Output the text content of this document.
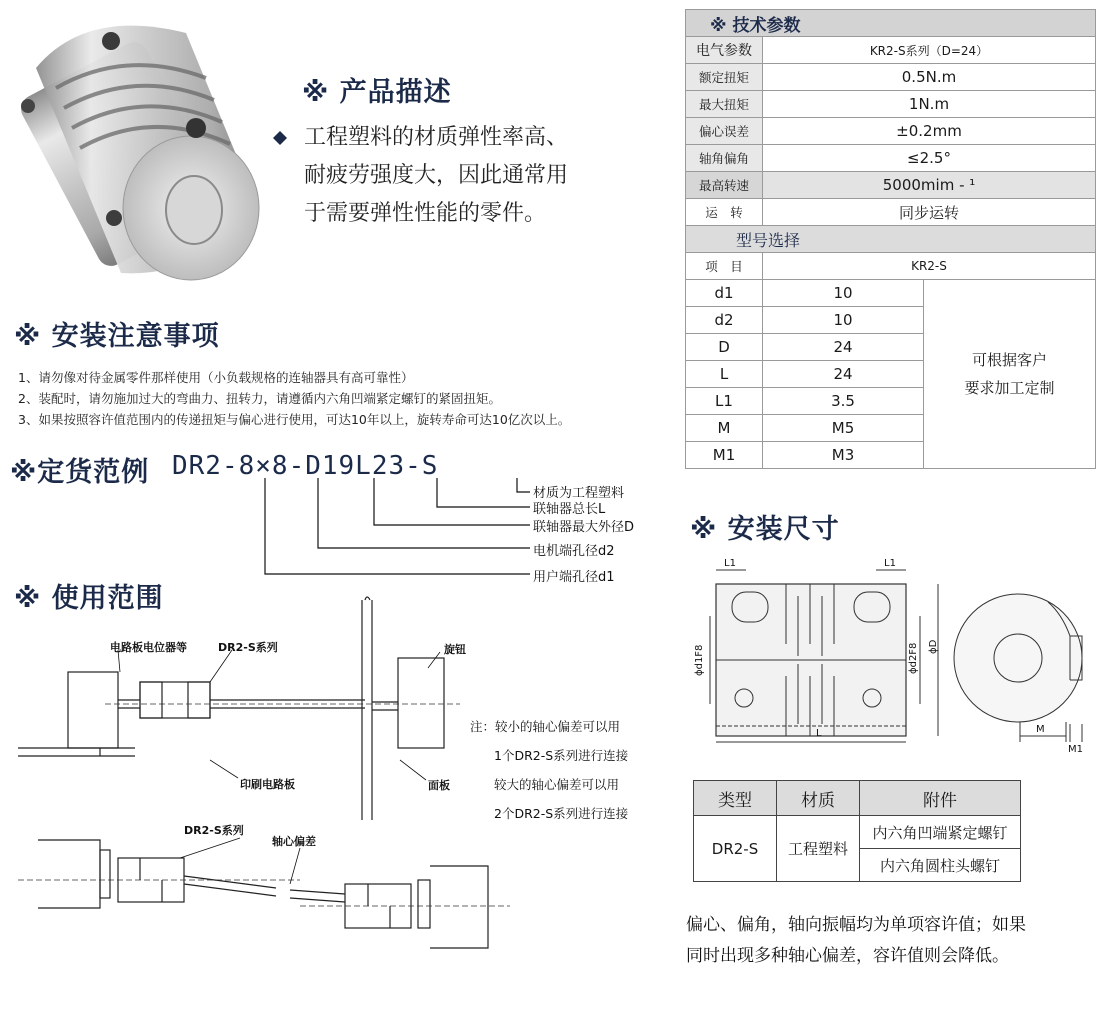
※ 产品描述
工程塑料的材质弹性率高、
耐疲劳强度大，因此通常用
于需要弹性性能的零件。
※ 安装注意事项
1、请勿像对待金属零件那样使用（小负载规格的连轴器具有高可靠性）
2、装配时，请勿施加过大的弯曲力、扭转力，请遵循内六角凹端紧定螺钉的紧固扭矩。
3、如果按照容许值范围内的传递扭矩与偏心进行使用，可达10年以上，旋转寿命可达10亿次以上。
※定货范例 DR2-8×8-D19L23-S
材质为工程塑料
联轴器总长L
联轴器最大外径D
电机端孔径d2
用户端孔径d1
※ 使用范围
电路板电位器等	DR2-S系列	旋钮
印刷电路板	面板
DR2-S系列
轴心偏差
注：较小的轴心偏差可以用
1个DR2-S系列进行连接
较大的轴心偏差可以用
2个DR2-S系列进行连接
※ 技术参数		
电气参数	KR2-S系列（D=24）	
额定扭矩	0.5N.m	
最大扭矩	1N.m	
偏心误差	±0.2mm	
轴角偏角	≤2.5°	
最高转速	5000mim - ¹	
运　转	同步运转	
型号选择		
项　目	KR2-S	
d1	10	可根据客户
要求加工定制

d2	10	
D	24	
L	24	
L1	3.5	
M	M5	
M1	M3	
※ 安装尺寸
L1	L1
L
ϕd1F8	ϕd2F8 ϕD
M
M1
类型	材质	附件
DR2-S	工程塑料	内六角凹端紧定螺钉
		内六角圆柱头螺钉
偏心、偏角，轴向振幅均为单项容许值；如果
同时出现多种轴心偏差，容许值则会降低。
